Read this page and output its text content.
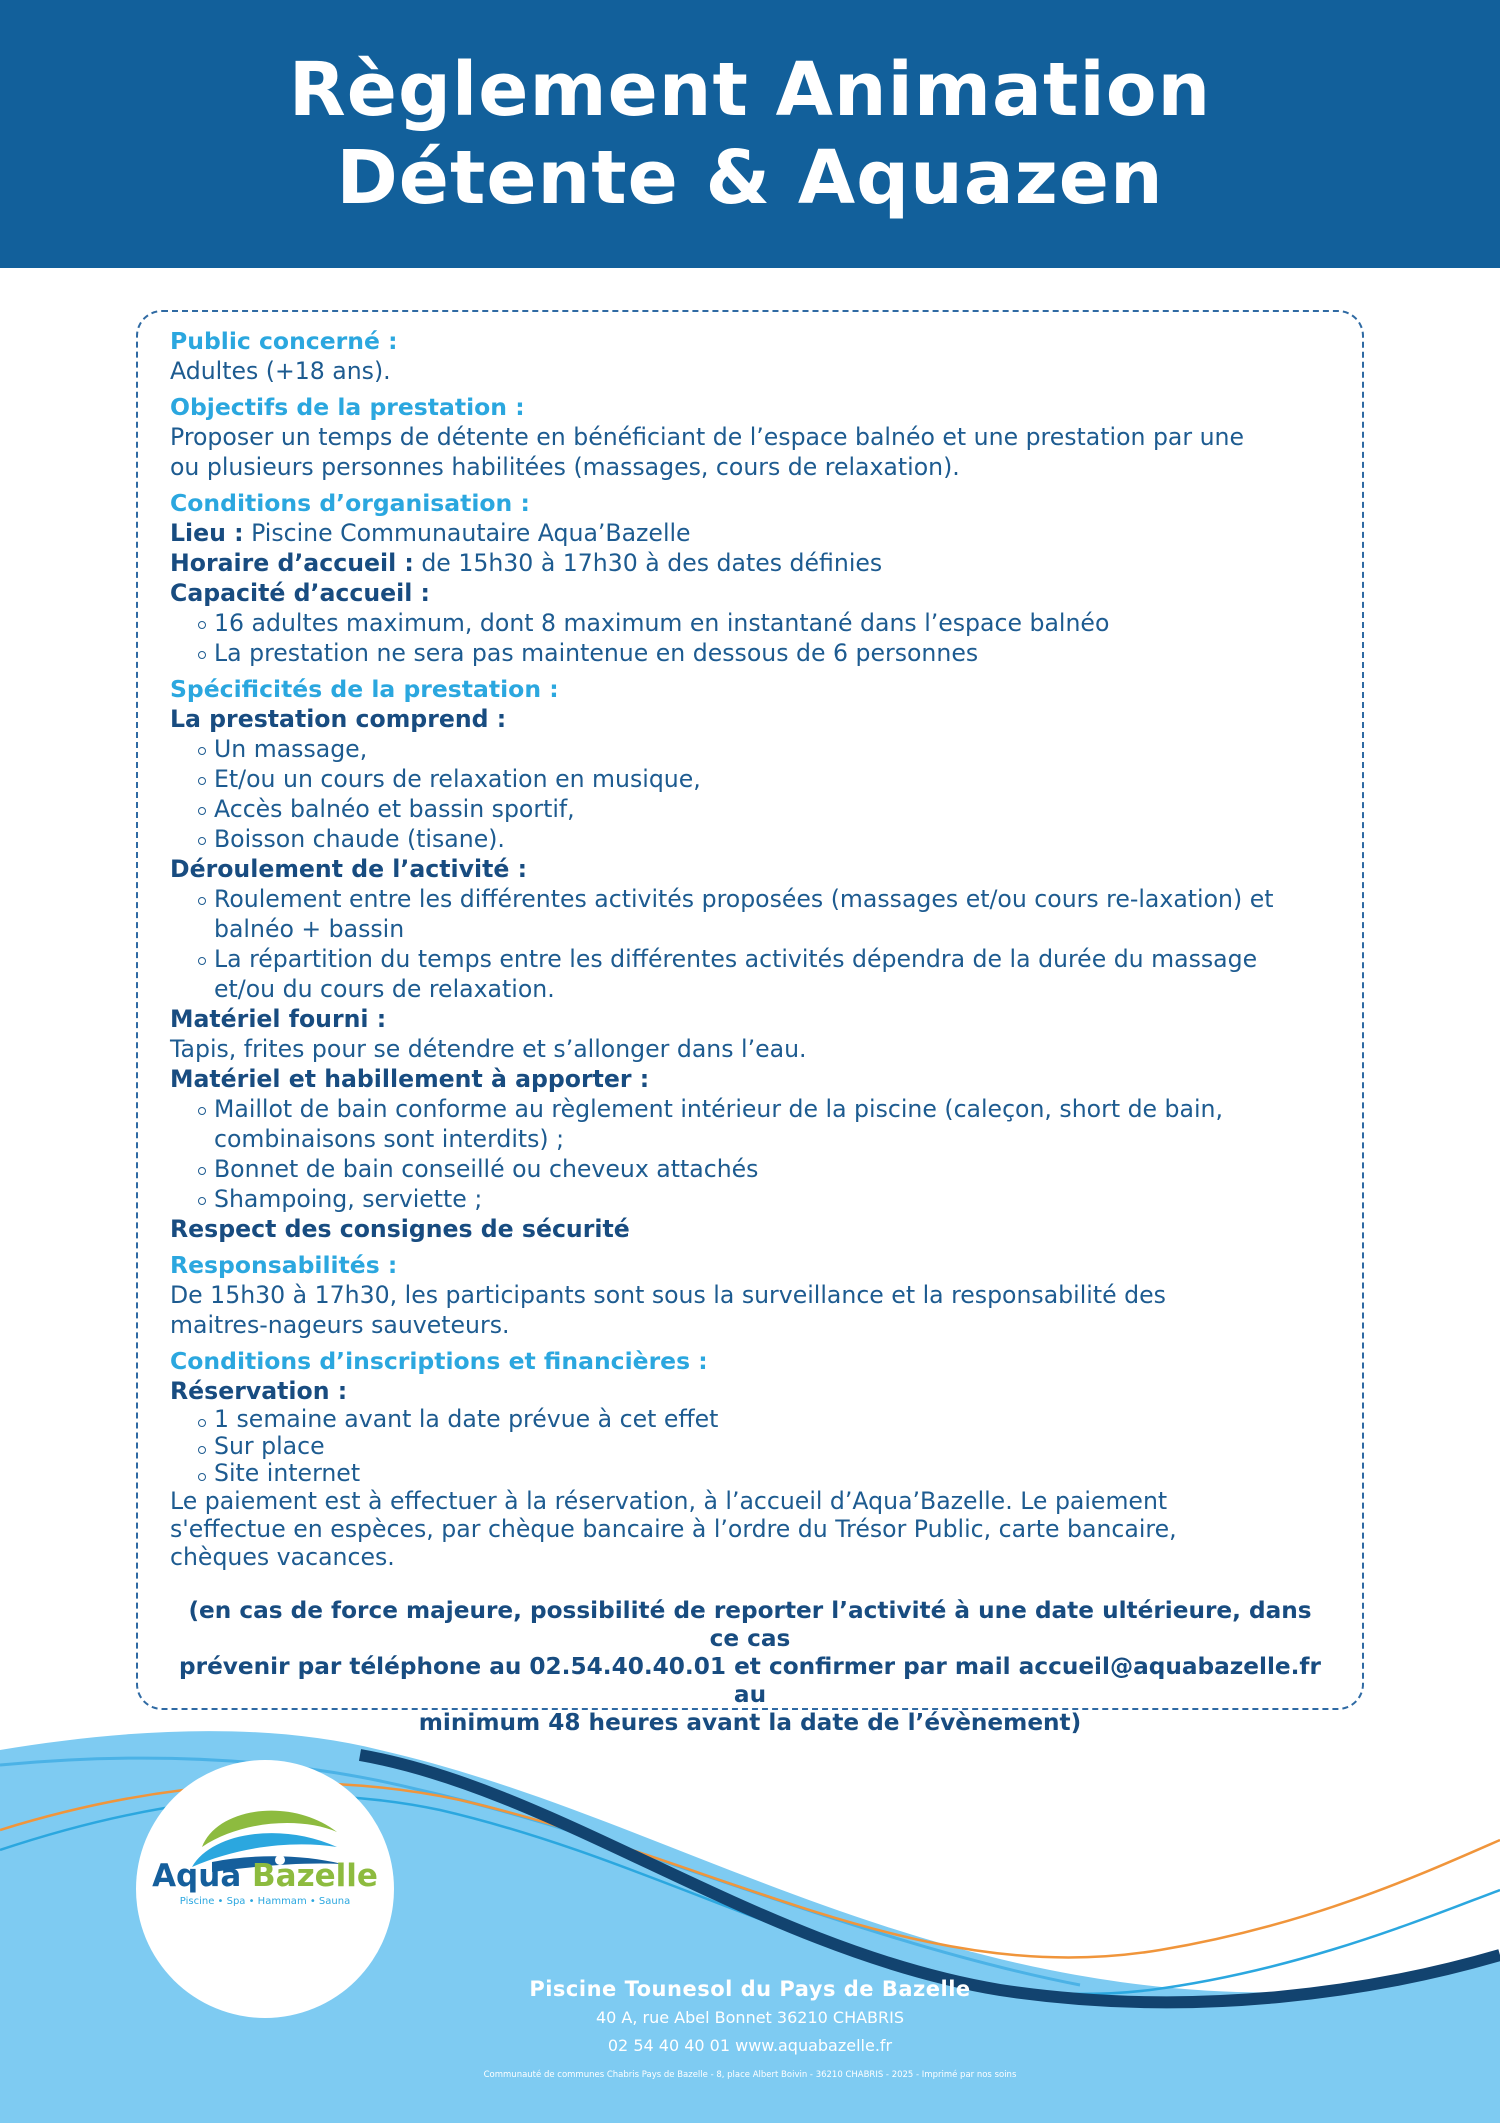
Règlement Animation
Détente & Aquazen
Public concerné :
Adultes (+18 ans).
Objectifs de la prestation :
Proposer un temps de détente en bénéficiant de l’espace balnéo et une prestation par une
ou plusieurs personnes habilitées (massages, cours de relaxation).
Conditions d’organisation :
Lieu : Piscine Communautaire Aqua’Bazelle
Horaire d’accueil : de 15h30 à 17h30 à des dates définies
Capacité d’accueil :
16 adultes maximum, dont 8 maximum en instantané dans l’espace balnéo
La prestation ne sera pas maintenue en dessous de 6 personnes
Spécificités de la prestation :
La prestation comprend :
Un massage,
Et/ou un cours de relaxation en musique,
Accès balnéo et bassin sportif,
Boisson chaude (tisane).
Déroulement de l’activité :
Roulement entre les différentes activités proposées (massages et/ou cours re-laxation) et
balnéo + bassin
La répartition du temps entre les différentes activités dépendra de la durée du massage
et/ou du cours de relaxation.
Matériel fourni :
Tapis, frites pour se détendre et s’allonger dans l’eau.
Matériel et habillement à apporter :
Maillot de bain conforme au règlement intérieur de la piscine (caleçon, short de bain,
combinaisons sont interdits) ;
Bonnet de bain conseillé ou cheveux attachés
Shampoing, serviette ;
Respect des consignes de sécurité
Responsabilités :
De 15h30 à 17h30, les participants sont sous la surveillance et la responsabilité des
maitres-nageurs sauveteurs.
Conditions d’inscriptions et financières :
Réservation :
1 semaine avant la date prévue à cet effet
Sur place
Site internet
Le paiement est à effectuer à la réservation, à l’accueil d’Aqua’Bazelle. Le paiement
s'effectue en espèces, par chèque bancaire à l’ordre du Trésor Public, carte bancaire,
chèques vacances.
(en cas de force majeure, possibilité de reporter l’activité à une date ultérieure, dans ce cas
prévenir par téléphone au 02.54.40.40.01 et confirmer par mail accueil@aquabazelle.fr au
minimum 48 heures avant la date de l’évènement)
Aqua Bazelle
Piscine • Spa • Hammam • Sauna
Piscine Tounesol du Pays de Bazelle
40 A, rue Abel Bonnet 36210 CHABRIS
02 54 40 40 01 www.aquabazelle.fr
Communauté de communes Chabris Pays de Bazelle - 8, place Albert Boivin - 36210 CHABRIS - 2025 - Imprimé par nos soins
